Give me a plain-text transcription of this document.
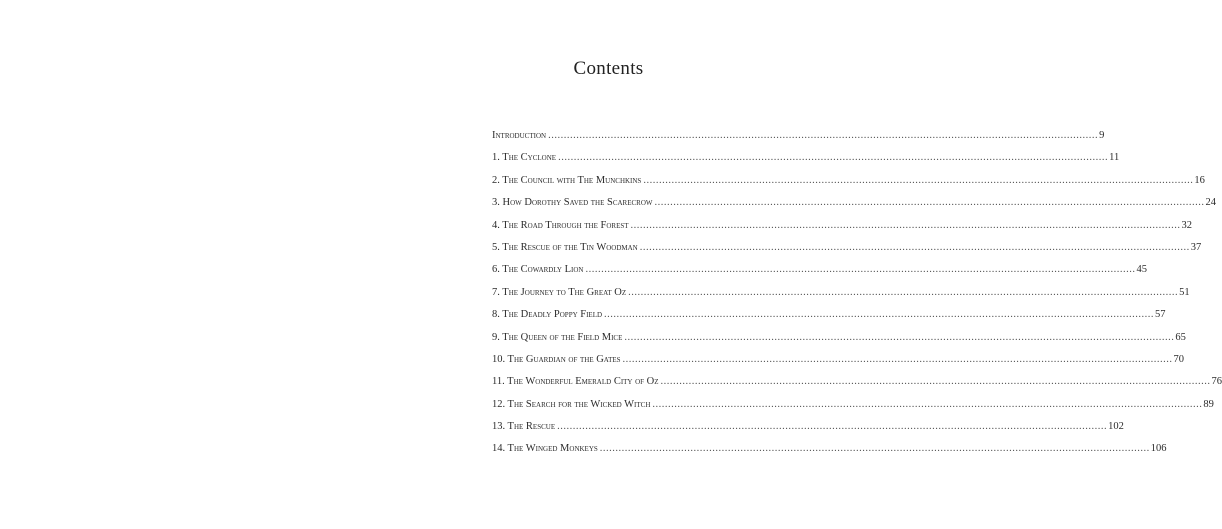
Contents
Introduction .....	9
1. The Cyclone .....	11
2. The Council with The Munchkins .....	16
3. How Dorothy Saved the Scarecrow .....	24
4. The Road Through the Forest .....	32
5. The Rescue of the Tin Woodman .....	37
6. The Cowardly Lion .....	45
7. The Journey to The Great Oz .....	51
8. The Deadly Poppy Field .....	57
9. The Queen of the Field Mice .....	65
10. The Guardian of the Gates .....	70
11. The Wonderful Emerald City of Oz .....	76
12. The Search for the Wicked Witch .....	89
13. The Rescue .....	102
14. The Winged Monkeys .....	106
